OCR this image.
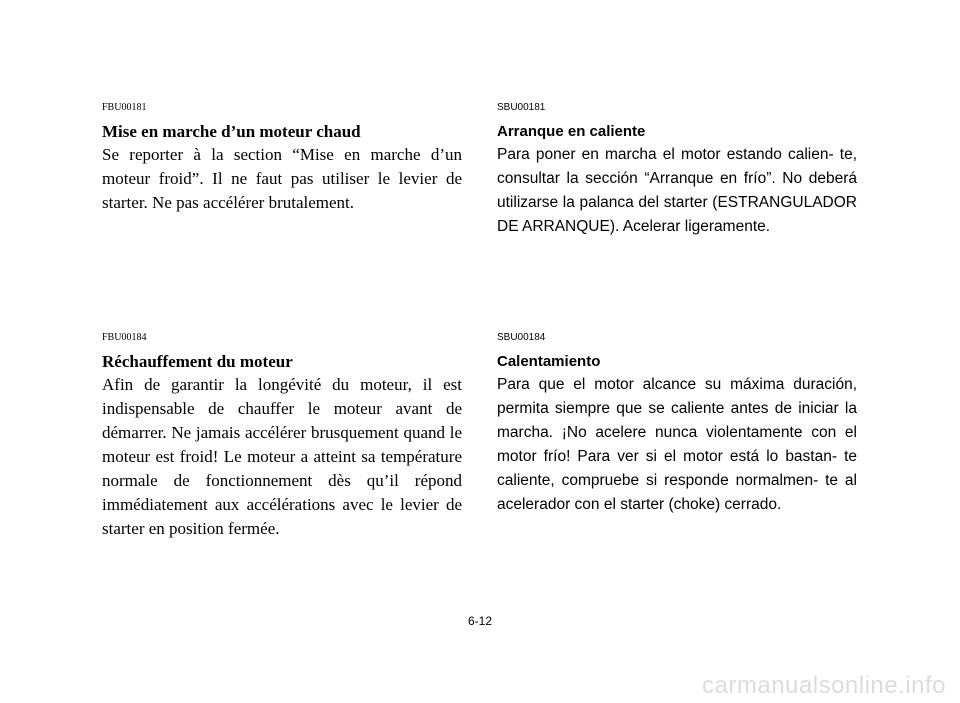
FBU00181

Mise en marche d’un moteur chaud

Se reporter à la section “Mise en marche d’un moteur froid”. Il ne faut pas utiliser le levier de starter. Ne pas accélérer brutalement.

SBU00181

Arranque en caliente

Para poner en marcha el motor estando calien- te, consultar la sección “Arranque en frío”. No deberá utilizarse la palanca del starter (ESTRANGULADOR DE ARRANQUE). Acelerar ligeramente.

FBU00184

Réchauffement du moteur

Afin de garantir la longévité du moteur, il est indispensable de chauffer le moteur avant de démarrer. Ne jamais accélérer brusquement quand le moteur est froid! Le moteur a atteint sa température normale de fonctionnement dès qu’il répond immédiatement aux accélérations avec le levier de starter en position fermée.

SBU00184

Calentamiento

Para que el motor alcance su máxima duración, permita siempre que se caliente antes de iniciar la marcha. ¡No acelere nunca violentamente con el motor frío! Para ver si el motor está lo bastan- te caliente, compruebe si responde normalmen- te al acelerador con el starter (choke) cerrado.

6-12
carmanualsonline.info
